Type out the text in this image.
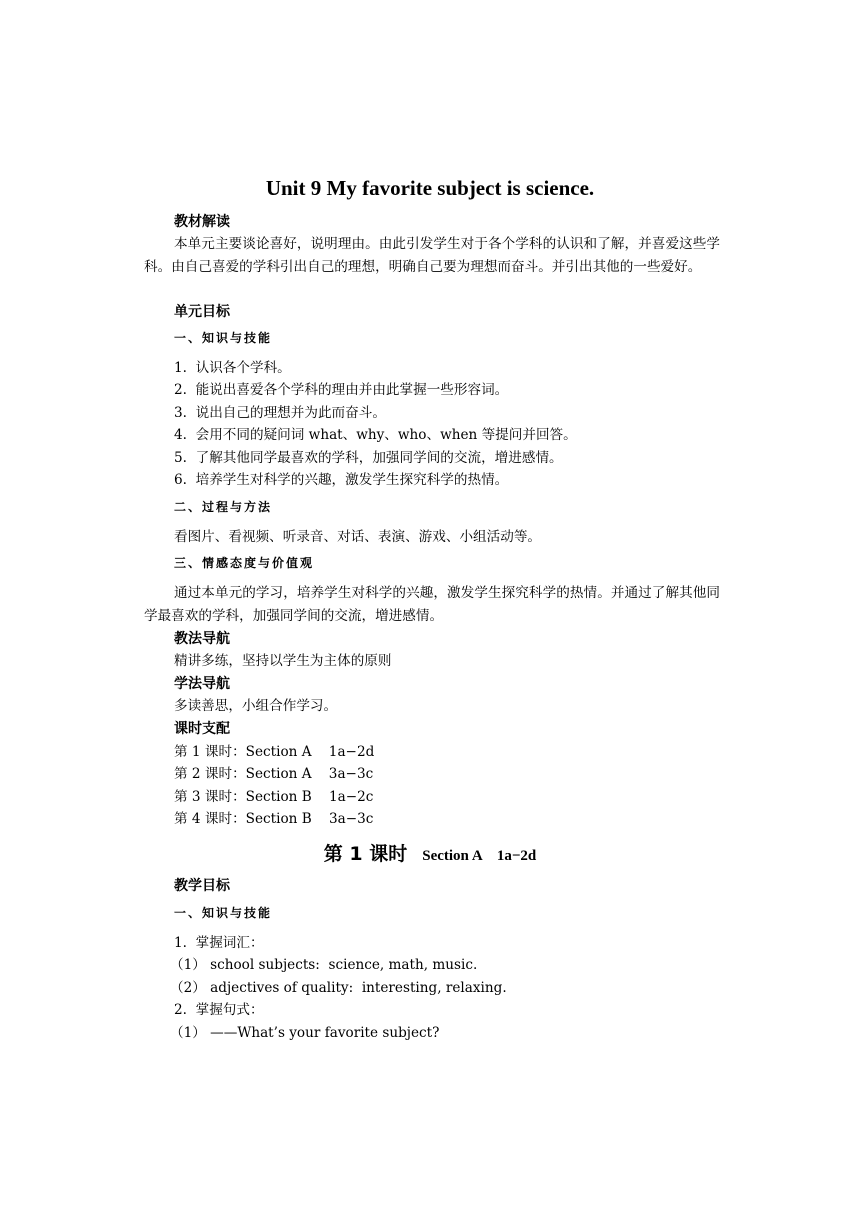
Unit 9 My favorite subject is science.
教材解读
本单元主要谈论喜好，说明理由。由此引发学生对于各个学科的认识和了解，并喜爱这些学科。由自己喜爱的学科引出自己的理想，明确自己要为理想而奋斗。并引出其他的一些爱好。
单元目标
一、知识与技能
1.  认识各个学科。
2.  能说出喜爱各个学科的理由并由此掌握一些形容词。
3.  说出自己的理想并为此而奋斗。
4.  会用不同的疑问词 what、why、who、when 等提问并回答。
5.  了解其他同学最喜欢的学科，加强同学间的交流，增进感情。
6.  培养学生对科学的兴趣，激发学生探究科学的热情。
二、过程与方法
看图片、看视频、听录音、对话、表演、游戏、小组活动等。
三、情感态度与价值观
通过本单元的学习，培养学生对科学的兴趣，激发学生探究科学的热情。并通过了解其他同学最喜欢的学科，加强同学间的交流，增进感情。
教法导航
精讲多练，坚持以学生为主体的原则
学法导航
多读善思，小组合作学习。
课时支配
第 1 课时：Section A    1a−2d
第 2 课时：Section A    3a−3c
第 3 课时：Section B    1a−2c
第 4 课时：Section B    3a−3c
第 1 课时    Section A    1a−2d
教学目标
一、知识与技能
1.  掌握词汇：
（1） school subjects:  science, math, music.
（2） adjectives of quality:  interesting, relaxing.
2.  掌握句式：
（1） ——What’s your favorite subject?
